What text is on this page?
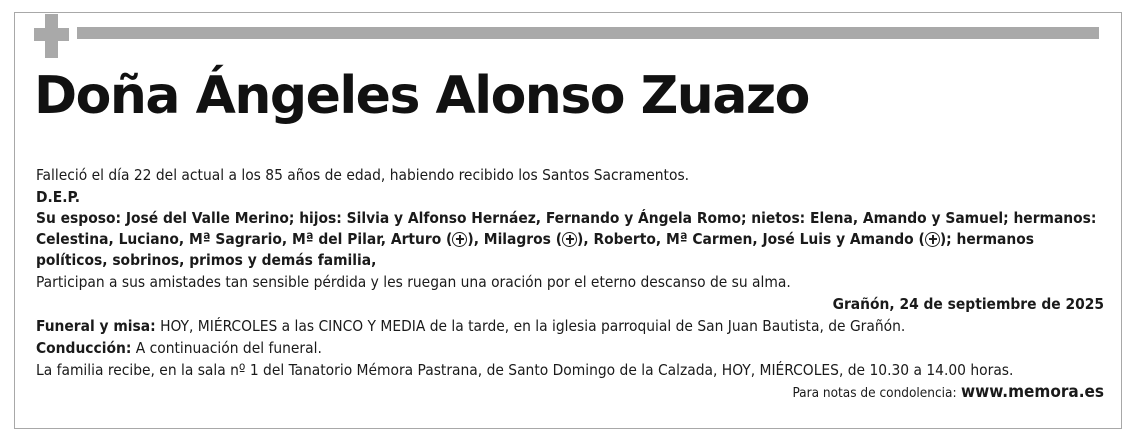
Doña Ángeles Alonso Zuazo

Falleció el día 22 del actual a los 85 años de edad, habiendo recibido los Santos Sacramentos.

D.E.P.

Su esposo: José del Valle Merino; hijos: Silvia y Alfonso Hernáez, Fernando y Ángela Romo; nietos: Elena, Amando y Samuel; hermanos: Celestina, Luciano, Mª Sagrario, Mª del Pilar, Arturo ( ), Milagros ( ), Roberto, Mª Carmen, José Luis y Amando ( ); hermanos políticos, sobrinos, primos y demás familia,

Participan a sus amistades tan sensible pérdida y les ruegan una oración por el eterno descanso de su alma.

Grañón, 24 de septiembre de 2025

Funeral y misa: HOY, MIÉRCOLES a las CINCO Y MEDIA de la tarde, en la iglesia parroquial de San Juan Bautista, de Grañón.

Conducción: A continuación del funeral.

La familia recibe, en la sala nº 1 del Tanatorio Mémora Pastrana, de Santo Domingo de la Calzada, HOY, MIÉRCOLES, de 10.30 a 14.00 horas.

Para notas de condolencia: www.memora.es
